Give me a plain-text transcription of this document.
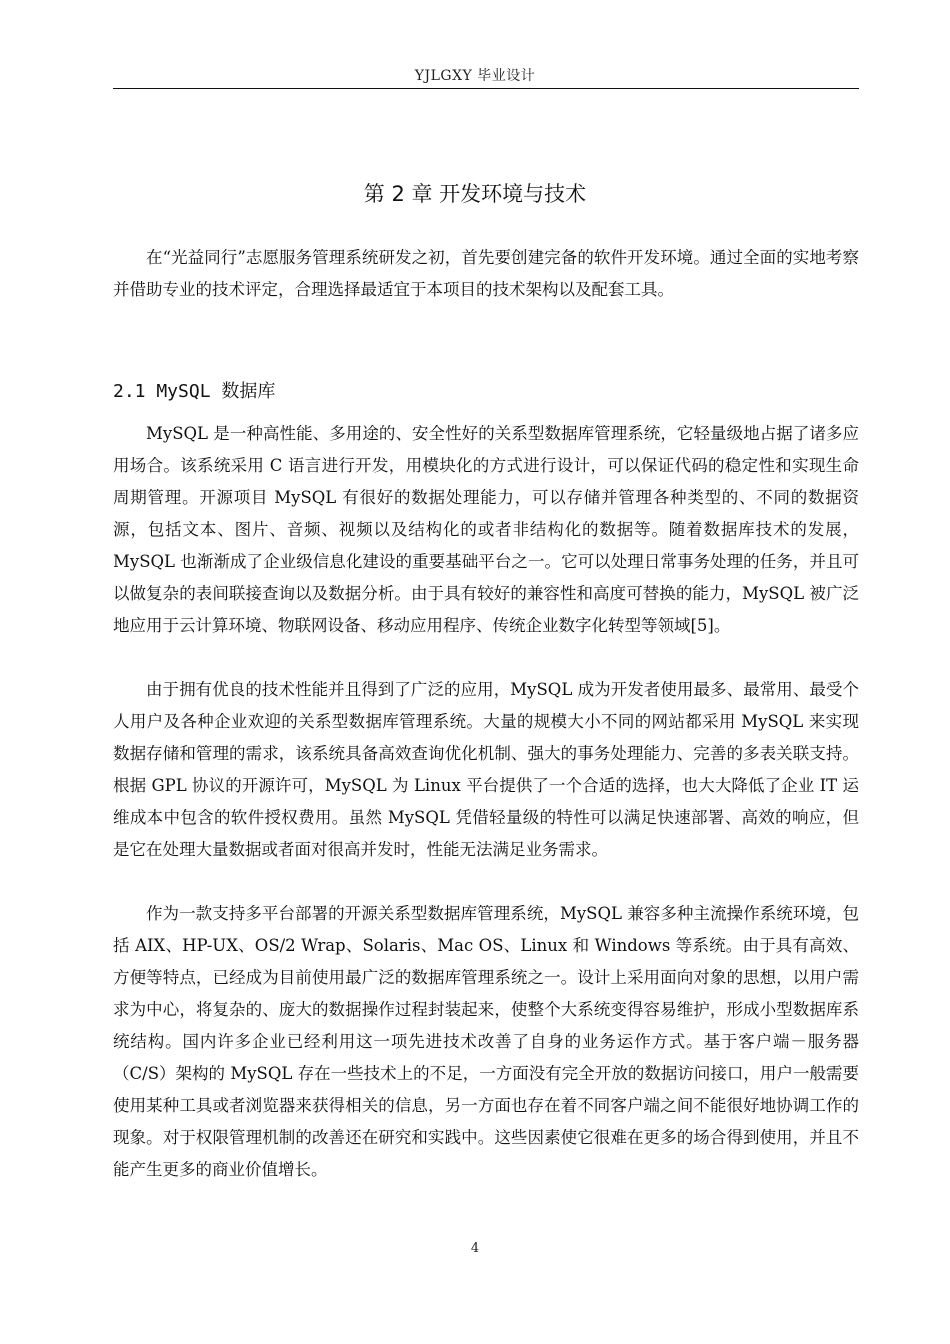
YJLGXY 毕业设计
第 2 章 开发环境与技术

在“光益同行”志愿服务管理系统研发之初，首先要创建完备的软件开发环境。通过全面的实地考察并借助专业的技术评定，合理选择最适宜于本项目的技术架构以及配套工具。

2.1 MySQL 数据库

MySQL 是一种高性能、多用途的、安全性好的关系型数据库管理系统，它轻量级地占据了诸多应用场合。该系统采用 C 语言进行开发，用模块化的方式进行设计，可以保证代码的稳定性和实现生命周期管理。开源项目 MySQL 有很好的数据处理能力，可以存储并管理各种类型的、不同的数据资源，包括文本、图片、音频、视频以及结构化的或者非结构化的数据等。随着数据库技术的发展，MySQL 也渐渐成了企业级信息化建设的重要基础平台之一。它可以处理日常事务处理的任务，并且可以做复杂的表间联接查询以及数据分析。由于具有较好的兼容性和高度可替换的能力，MySQL 被广泛地应用于云计算环境、物联网设备、移动应用程序、传统企业数字化转型等领域[5]。

由于拥有优良的技术性能并且得到了广泛的应用，MySQL 成为开发者使用最多、最常用、最受个人用户及各种企业欢迎的关系型数据库管理系统。大量的规模大小不同的网站都采用 MySQL 来实现数据存储和管理的需求，该系统具备高效查询优化机制、强大的事务处理能力、完善的多表关联支持。根据 GPL 协议的开源许可，MySQL 为 Linux 平台提供了一个合适的选择，也大大降低了企业 IT 运维成本中包含的软件授权费用。虽然 MySQL 凭借轻量级的特性可以满足快速部署、高效的响应，但是它在处理大量数据或者面对很高并发时，性能无法满足业务需求。

作为一款支持多平台部署的开源关系型数据库管理系统，MySQL 兼容多种主流操作系统环境，包括 AIX、HP-UX、OS/2 Wrap、Solaris、Mac OS、Linux 和 Windows 等系统。由于具有高效、方便等特点，已经成为目前使用最广泛的数据库管理系统之一。设计上采用面向对象的思想，以用户需求为中心，将复杂的、庞大的数据操作过程封装起来，使整个大系统变得容易维护，形成小型数据库系统结构。国内许多企业已经利用这一项先进技术改善了自身的业务运作方式。基于客户端－服务器（C/S）架构的 MySQL 存在一些技术上的不足，一方面没有完全开放的数据访问接口，用户一般需要使用某种工具或者浏览器来获得相关的信息，另一方面也存在着不同客户端之间不能很好地协调工作的现象。对于权限管理机制的改善还在研究和实践中。这些因素使它很难在更多的场合得到使用，并且不能产生更多的商业价值增长。

4
